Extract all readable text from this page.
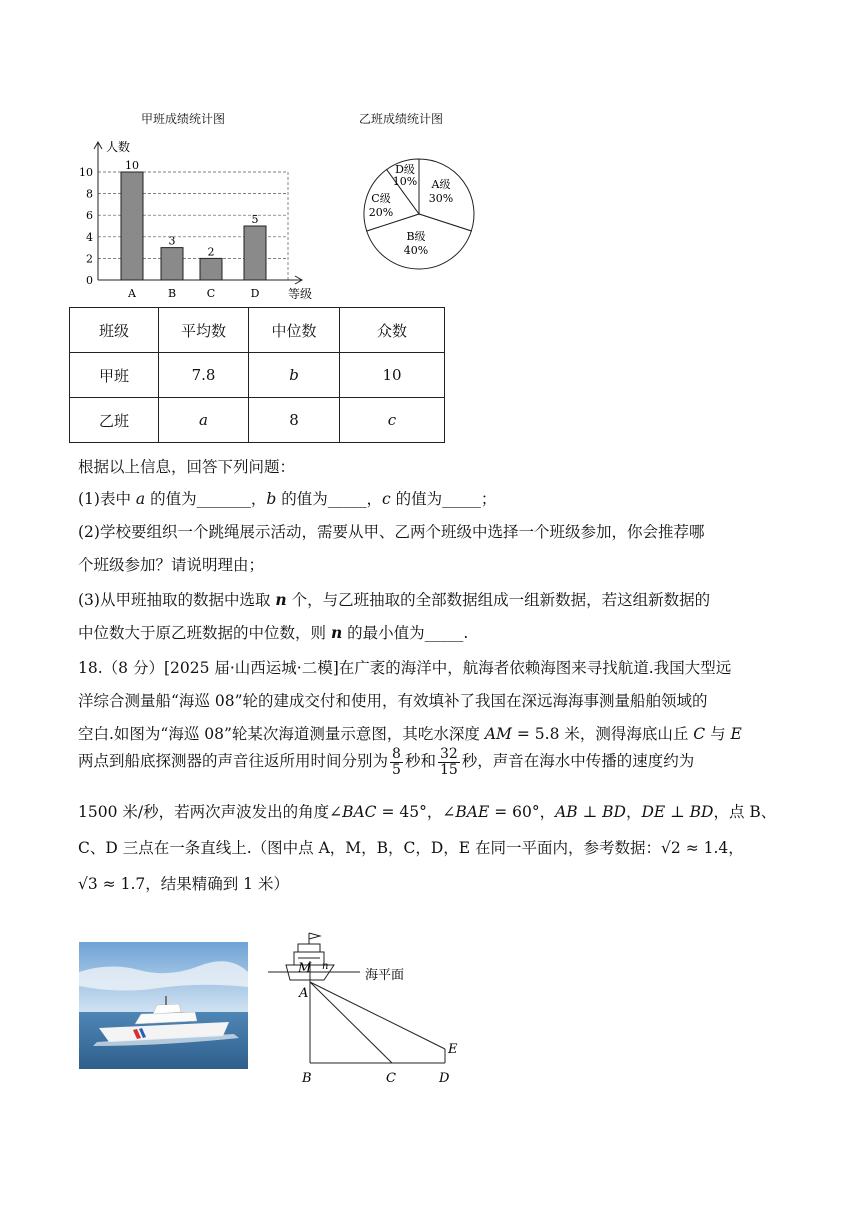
甲班成绩统计图	乙班成绩统计图
10
3
2
5
0
2
4
6
8
10
A	B	C	D
人数
等级
A级
30%
B级
40%
C级
20%
D级
10%
班级	平均数	中位数	众数
甲班	7.8	b	10
乙班	a	8	c
根据以上信息，回答下列问题：
(1)表中 a 的值为_______，b 的值为_____，c 的值为_____；
(2)学校要组织一个跳绳展示活动，需要从甲、乙两个班级中选择一个班级参加，你会推荐哪
个班级参加？请说明理由；
(3)从甲班抽取的数据中选取 n 个，与乙班抽取的全部数据组成一组新数据，若这组新数据的
中位数大于原乙班数据的中位数，则 n 的最小值为_____.
18.（8 分）[2025 届·山西运城·二模]在广袤的海洋中，航海者依赖海图来寻找航道.我国大型远
洋综合测量船“海巡 08”轮的建成交付和使用，有效填补了我国在深远海海事测量船舶领域的
空白.如图为“海巡 08”轮某次海道测量示意图，其吃水深度 AM = 5.8 米，测得海底山丘 C 与 E
两点到船底探测器的声音往返所用时间分别为 $\frac{8}{5}$ 秒和 $\frac{32}{15}$ 秒，声音在海水中传播的速度约为
1500 米/秒，若两次声波发出的角度∠BAC = 45°，∠BAE = 60°，AB ⊥ BD，DE ⊥ BD，点 B、
C、D 三点在一条直线上.（图中点 A，M，B，C，D，E 在同一平面内，参考数据：√2 ≈ 1.4，
√3 ≈ 1.7，结果精确到 1 米）
海平面
M n
A
B	C	D
E
